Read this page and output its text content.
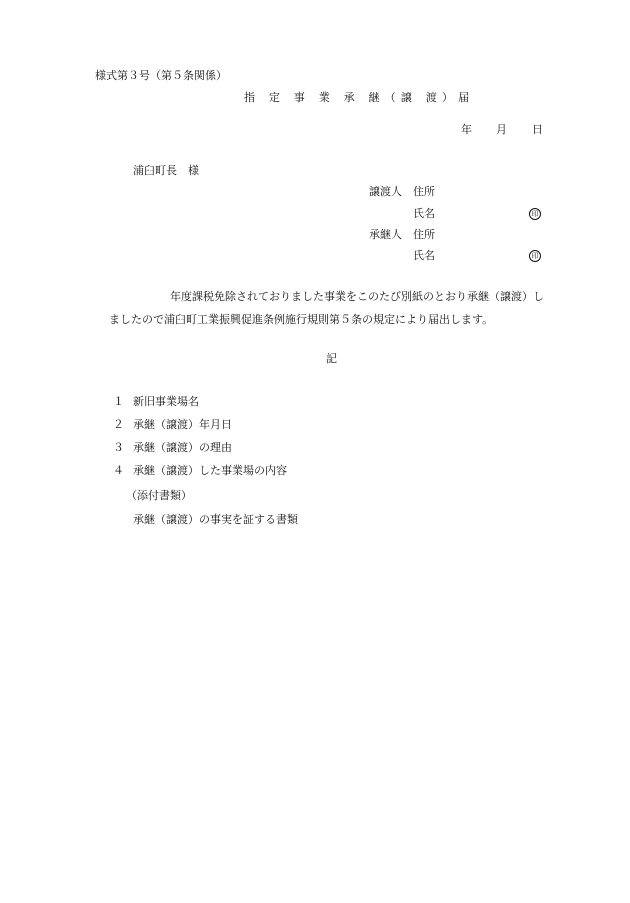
様式第３号（第５条関係）
指 定 事 業 承 継（譲 渡）届
年 月 日
浦臼町長　様
譲渡人 住所
氏名	印
承継人 住所
氏名	印
年度課税免除されておりました事業をこのたび別紙のとおり承継（譲渡）し
ましたので浦臼町工業振興促進条例施行規則第５条の規定により届出します。
記
１ 新旧事業場名
２ 承継（譲渡）年月日
３ 承継（譲渡）の理由
４ 承継（譲渡）した事業場の内容
（添付書類）
承継（譲渡）の事実を証する書類
